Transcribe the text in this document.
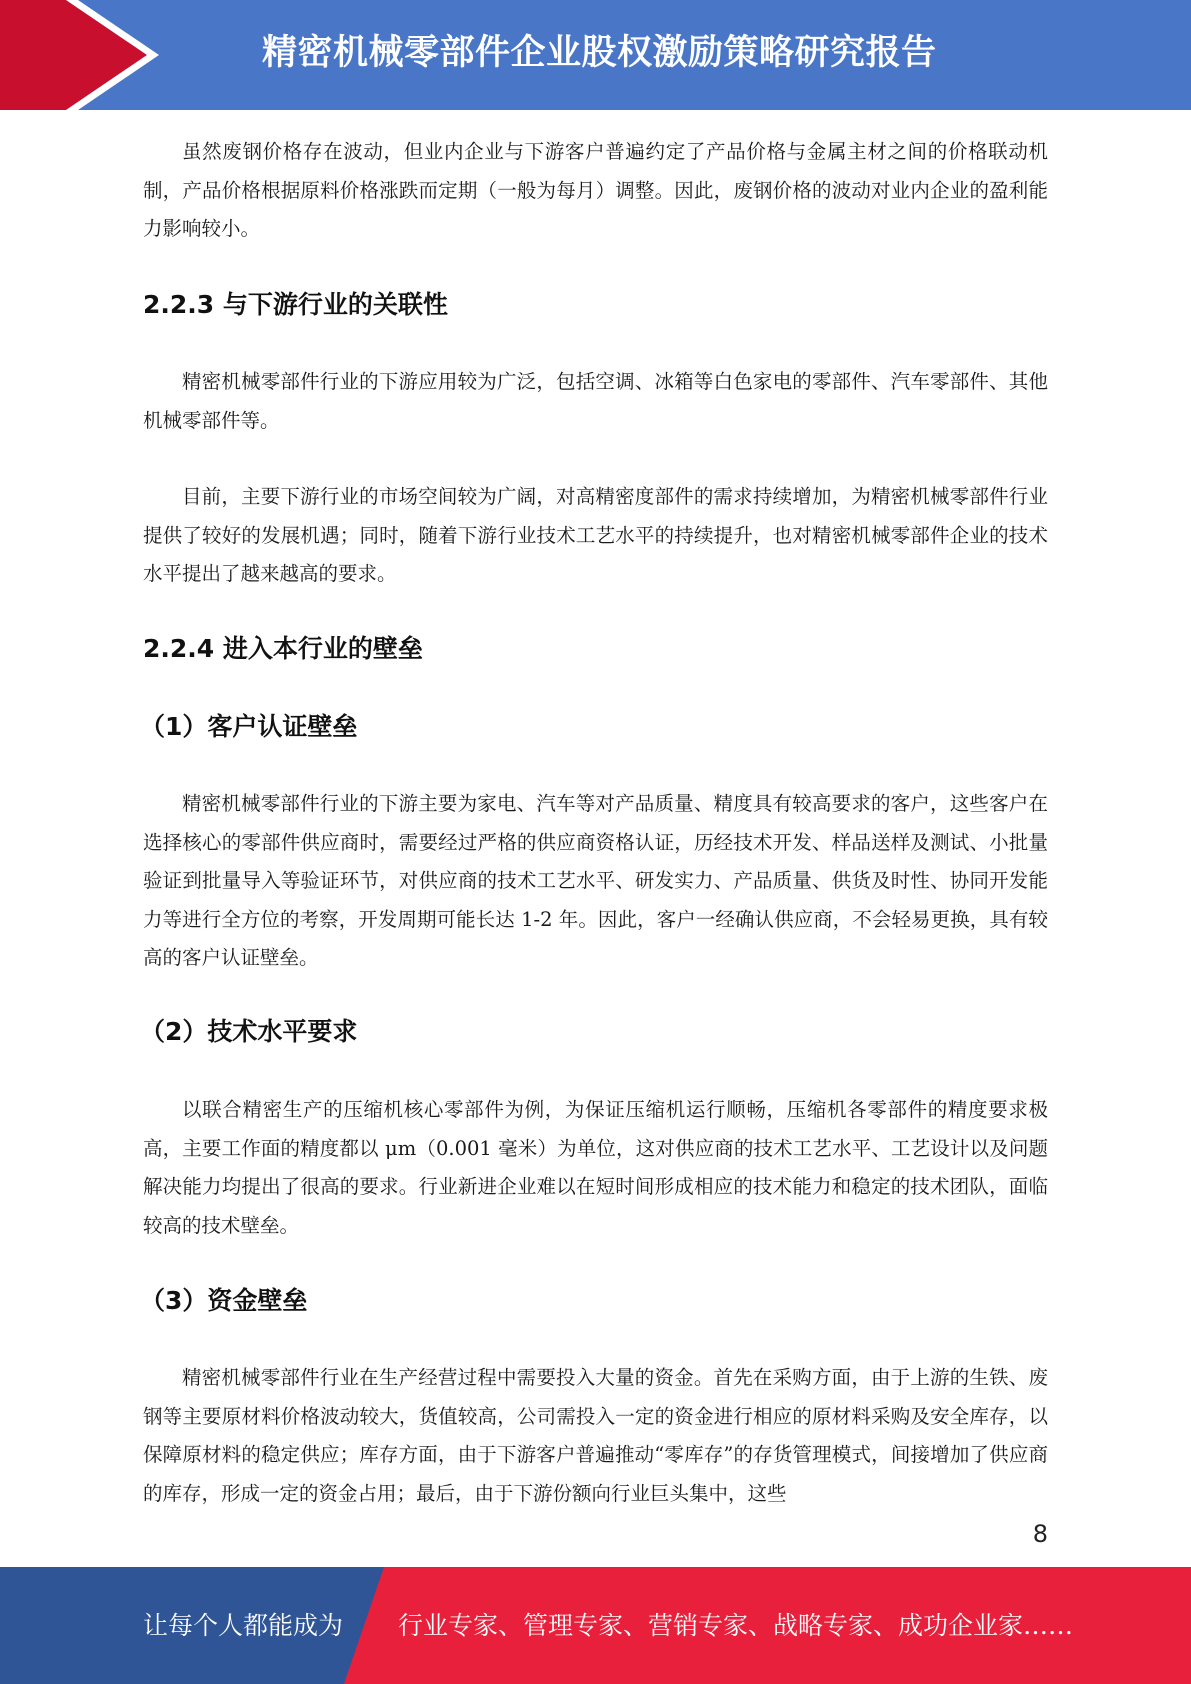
精密机械零部件企业股权激励策略研究报告

虽然废钢价格存在波动，但业内企业与下游客户普遍约定了产品价格与金属主材之间的价格联动机制，产品价格根据原料价格涨跌而定期（一般为每月）调整。因此，废钢价格的波动对业内企业的盈利能力影响较小。

2.2.3 与下游行业的关联性

精密机械零部件行业的下游应用较为广泛，包括空调、冰箱等白色家电的零部件、汽车零部件、其他机械零部件等。

目前，主要下游行业的市场空间较为广阔，对高精密度部件的需求持续增加，为精密机械零部件行业提供了较好的发展机遇；同时，随着下游行业技术工艺水平的持续提升，也对精密机械零部件企业的技术水平提出了越来越高的要求。

2.2.4 进入本行业的壁垒
（1）客户认证壁垒

精密机械零部件行业的下游主要为家电、汽车等对产品质量、精度具有较高要求的客户，这些客户在选择核心的零部件供应商时，需要经过严格的供应商资格认证，历经技术开发、样品送样及测试、小批量验证到批量导入等验证环节，对供应商的技术工艺水平、研发实力、产品质量、供货及时性、协同开发能力等进行全方位的考察，开发周期可能长达 1-2 年。因此，客户一经确认供应商，不会轻易更换，具有较高的客户认证壁垒。

（2）技术水平要求

以联合精密生产的压缩机核心零部件为例，为保证压缩机运行顺畅，压缩机各零部件的精度要求极高，主要工作面的精度都以 μm（0.001 毫米）为单位，这对供应商的技术工艺水平、工艺设计以及问题解决能力均提出了很高的要求。行业新进企业难以在短时间形成相应的技术能力和稳定的技术团队，面临较高的技术壁垒。

（3）资金壁垒

精密机械零部件行业在生产经营过程中需要投入大量的资金。首先在采购方面，由于上游的生铁、废钢等主要原材料价格波动较大，货值较高，公司需投入一定的资金进行相应的原材料采购及安全库存，以保障原材料的稳定供应；库存方面，由于下游客户普遍推动“零库存”的存货管理模式，间接增加了供应商的库存，形成一定的资金占用；最后，由于下游份额向行业巨头集中，这些

8
让每个人都能成为 行业专家、管理专家、营销专家、战略专家、成功企业家……
